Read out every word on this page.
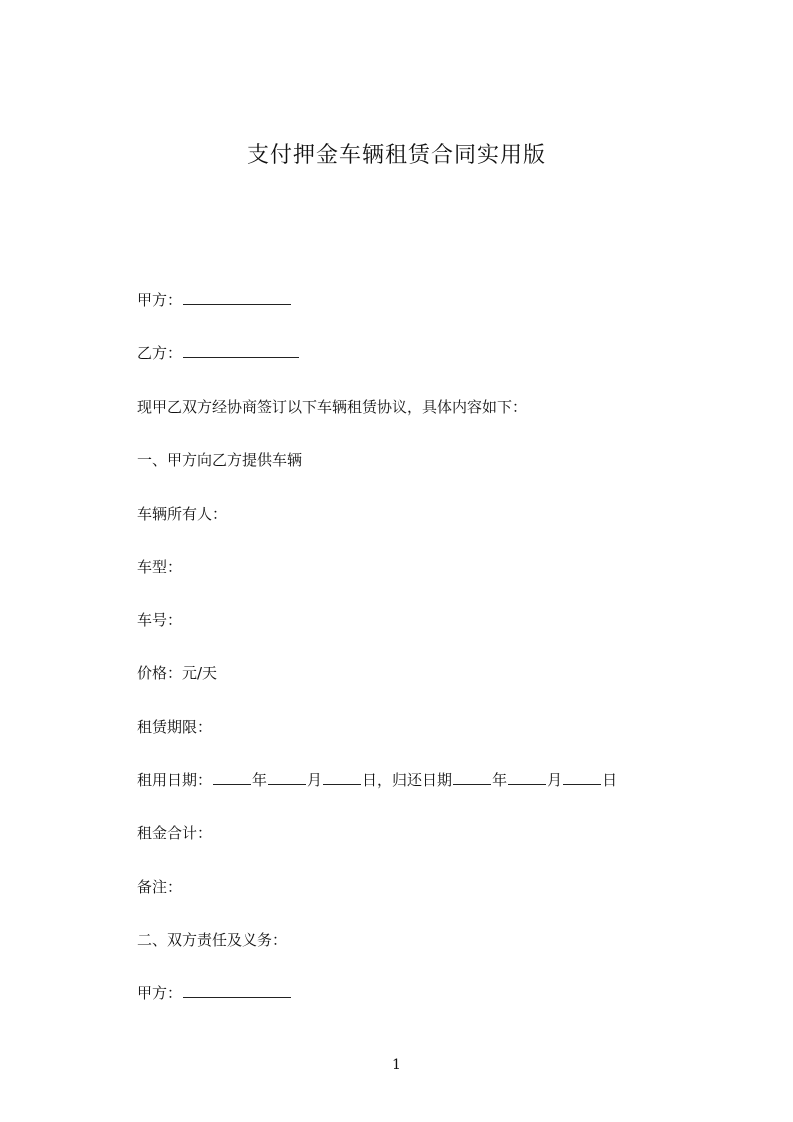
支付押金车辆租赁合同实用版
甲方：
乙方：
现甲乙双方经协商签订以下车辆租赁协议，具体内容如下：
一、甲方向乙方提供车辆
车辆所有人：
车型：
车号：
价格：元/天
租赁期限：
租用日期：	年	月	日，归还日期	年	月	日
租金合计：
备注：
二、双方责任及义务：
甲方：
1
